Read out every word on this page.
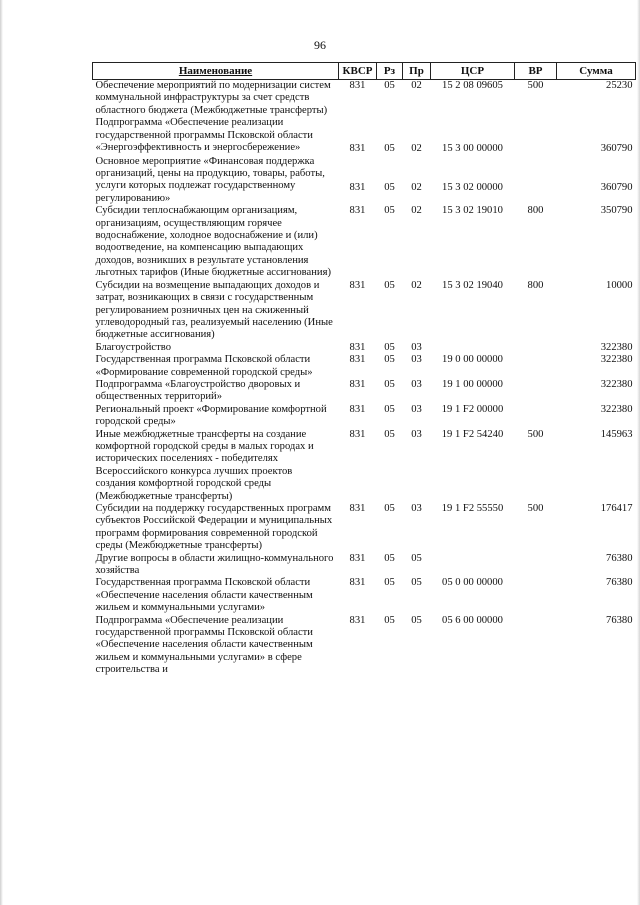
96
Наименование	КВСР	Рз	Пр	ЦСР	ВР	Сумма
Обеспечение мероприятий по модернизации систем коммунальной инфраструктуры за счет средств областного бюджета (Межбюджетные трансферты)	831	05	02	15 2 08 09605	500	25230
Подпрограмма «Обеспечение реализации государственной программы Псковской области «Энергоэффективность и энергосбережение»	831	05	02	15 3 00 00000		360790
Основное мероприятие «Финансовая поддержка организаций, цены на продукцию, товары, работы, услуги которых подлежат государственному регулированию»	831	05	02	15 3 02 00000		360790
Субсидии теплоснабжающим организациям, организациям, осуществляющим горячее водоснабжение, холодное водоснабжение и (или) водоотведение, на компенсацию выпадающих доходов, возникших в результате установления льготных тарифов (Иные бюджетные ассигнования)	831	05	02	15 3 02 19010	800	350790
Субсидии на возмещение выпадающих доходов и затрат, возникающих в связи с государственным регулированием розничных цен на сжиженный углеводородный газ, реализуемый населению (Иные бюджетные ассигнования)	831	05	02	15 3 02 19040	800	10000
Благоустройство	831	05	03			322380
Государственная программа Псковской области «Формирование современной городской среды»	831	05	03	19 0 00 00000		322380
Подпрограмма «Благоустройство дворовых и общественных территорий»	831	05	03	19 1 00 00000		322380
Региональный проект «Формирование комфортной городской среды»	831	05	03	19 1 F2 00000		322380
Иные межбюджетные трансферты на создание комфортной городской среды в малых городах и исторических поселениях - победителях Всероссийского конкурса лучших проектов создания комфортной городской среды (Межбюджетные трансферты)	831	05	03	19 1 F2 54240	500	145963
Субсидии на поддержку государственных программ субъектов Российской Федерации и муниципальных программ формирования современной городской среды (Межбюджетные трансферты)	831	05	03	19 1 F2 55550	500	176417
Другие вопросы в области жилищно-коммунального хозяйства	831	05	05			76380
Государственная программа Псковской области «Обеспечение населения области качественным жильем и коммунальными услугами»	831	05	05	05 0 00 00000		76380
Подпрограмма «Обеспечение реализации государственной программы Псковской области «Обеспечение населения области качественным жильем и коммунальными услугами» в сфере строительства и	831	05	05	05 6 00 00000		76380
